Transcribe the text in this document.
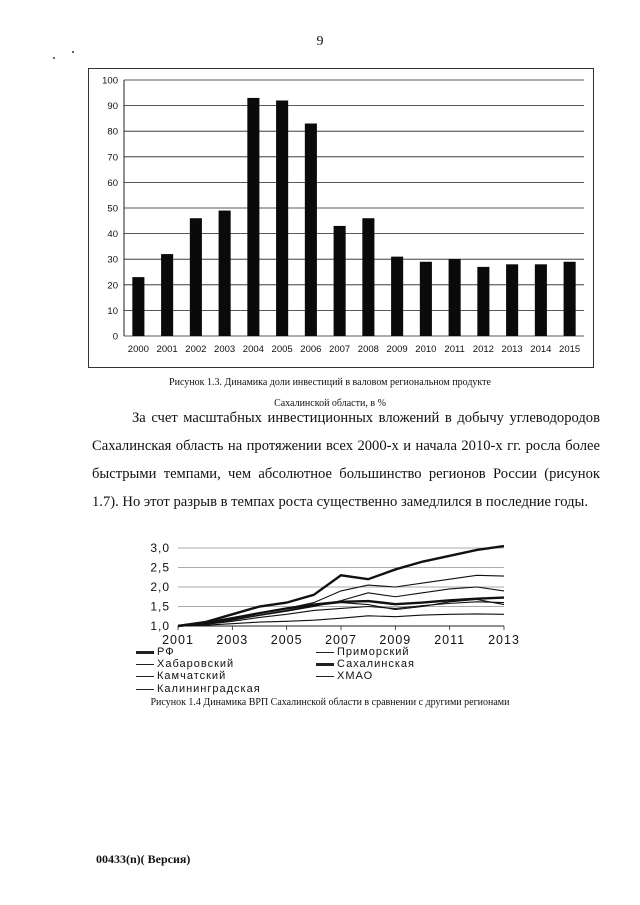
9
0
10
20
30
40
50
60
70
80
90
100
2000 2001 2002 2003 2004 2005 2006 2007 2008 2009 2010 2011 2012 2013 2014 2015
Рисунок 1.3. Динамика доли инвестиций в валовом региональном продукте
Сахалинской области, в %

За счет масштабных инвестиционных вложений в добычу углеводородов Сахалинская область на протяжении всех 2000-х и начала 2010-х гг. росла более быстрыми темпами, чем абсолютное большинство регионов России (рисунок 1.7). Но этот разрыв в темпах роста существенно замедлился в последние годы.

1,0
1,5
2,0
2,5
3,0
2001 2003 2005 2007 2009 2011 2013
РФ	Приморский
Хабаровский	Сахалинская
Камчатский	ХМАО
Калининградская
Рисунок 1.4 Динамика ВРП Сахалинской области в сравнении с другими регионами
00433(n)( Версия)
